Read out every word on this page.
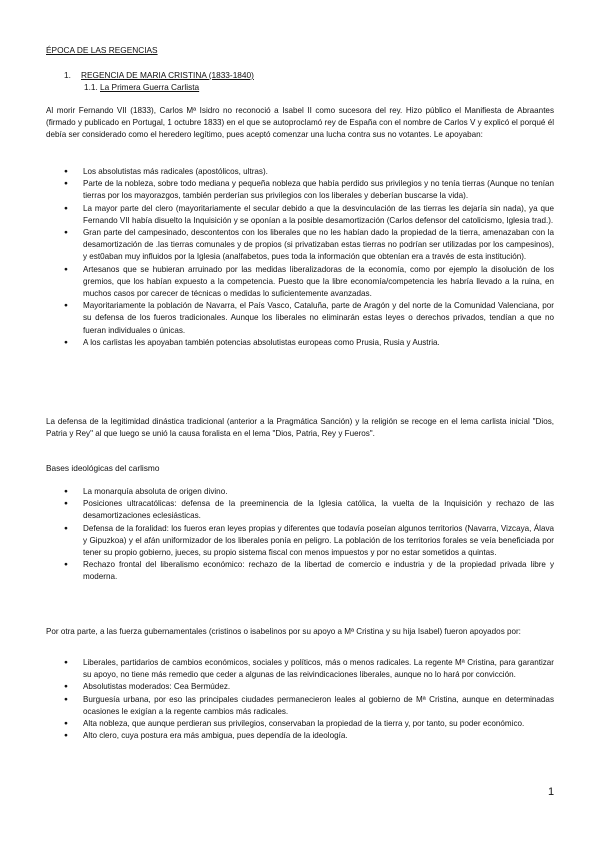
ÉPOCA DE LAS REGENCIAS
1. REGENCIA DE MARIA CRISTINA (1833-1840)
1.1. La Primera Guerra Carlista

Al morir Fernando VII (1833), Carlos Mª Isidro no reconoció a Isabel II como sucesora del rey. Hizo público el Manifiesta de Abraantes (firmado y publicado en Portugal, 1 octubre 1833) en el que se autoproclamó rey de España con el nombre de Carlos V y explicó el porqué él debía ser considerado como el heredero legítimo, pues aceptó comenzar una lucha contra sus no votantes. Le apoyaban:

● Los absolutistas más radicales (apostólicos, ultras).
● Parte de la nobleza, sobre todo mediana y pequeña nobleza que había perdido sus privilegios y no tenía tierras (Aunque no tenían tierras por los mayorazgos, también perderían sus privilegios con los liberales y deberían buscarse la vida).
● La mayor parte del clero (mayoritariamente el secular debido a que la desvinculación de las tierras les dejaría sin nada), ya que Fernando VII había disuelto la Inquisición y se oponían a la posible desamortización (Carlos defensor del catolicismo, Iglesia trad.).
● Gran parte del campesinado, descontentos con los liberales que no les habían dado la propiedad de la tierra, amenazaban con la desamortización de .las tierras comunales y de propios (si privatizaban estas tierras no podrían ser utilizadas por los campesinos), y est0aban muy influidos por la Iglesia (analfabetos, pues toda la información que obtenían era a través de esta institución).
● Artesanos que se hubieran arruinado por las medidas liberalizadoras de la economía, como por ejemplo la disolución de los gremios, que los habían expuesto a la competencia. Puesto que la libre economía/competencia les habría llevado a la ruina, en muchos casos por carecer de técnicas o medidas lo suficientemente avanzadas.
● Mayoritariamente la población de Navarra, el País Vasco, Cataluña, parte de Aragón y del norte de la Comunidad Valenciana, por su defensa de los fueros tradicionales. Aunque los liberales no eliminarán estas leyes o derechos privados, tendían a que no fueran individuales o únicas.
● A los carlistas les apoyaban también potencias absolutistas europeas como Prusia, Rusia y Austria.

La defensa de la legitimidad dinástica tradicional (anterior a la Pragmática Sanción) y la religión se recoge en el lema carlista inicial "Dios, Patria y Rey" al que luego se unió la causa foralista en el lema "Dios, Patria, Rey y Fueros".

Bases ideológicas del carlismo
● La monarquía absoluta de origen divino.
● Posiciones ultracatólicas: defensa de la preeminencia de la Iglesia católica, la vuelta de la Inquisición y rechazo de las desamortizaciones eclesiásticas.
● Defensa de la foralidad: los fueros eran leyes propias y diferentes que todavía poseían algunos territorios (Navarra, Vizcaya, Álava y Gipuzkoa) y el afán uniformizador de los liberales ponía en peligro. La población de los territorios forales se veía beneficiada por tener su propio gobierno, jueces, su propio sistema fiscal con menos impuestos y por no estar sometidos a quintas.
● Rechazo frontal del liberalismo económico: rechazo de la libertad de comercio e industria y de la propiedad privada libre y moderna.

Por otra parte, a las fuerza gubernamentales (cristinos o isabelinos por su apoyo a Mª Cristina y su hija Isabel) fueron apoyados por:

● Liberales, partidarios de cambios económicos, sociales y políticos, más o menos radicales. La regente Mª Cristina, para garantizar su apoyo, no tiene más remedio que ceder a algunas de las reivindicaciones liberales, aunque no lo hará por convicción.
● Absolutistas moderados: Cea Bermúdez.
● Burguesía urbana, por eso las principales ciudades permanecieron leales al gobierno de Mª Cristina, aunque en determinadas ocasiones le exigían a la regente cambios más radicales.
● Alta nobleza, que aunque perdieran sus privilegios, conservaban la propiedad de la tierra y, por tanto, su poder económico.
● Alto clero, cuya postura era más ambigua, pues dependía de la ideología.
1
